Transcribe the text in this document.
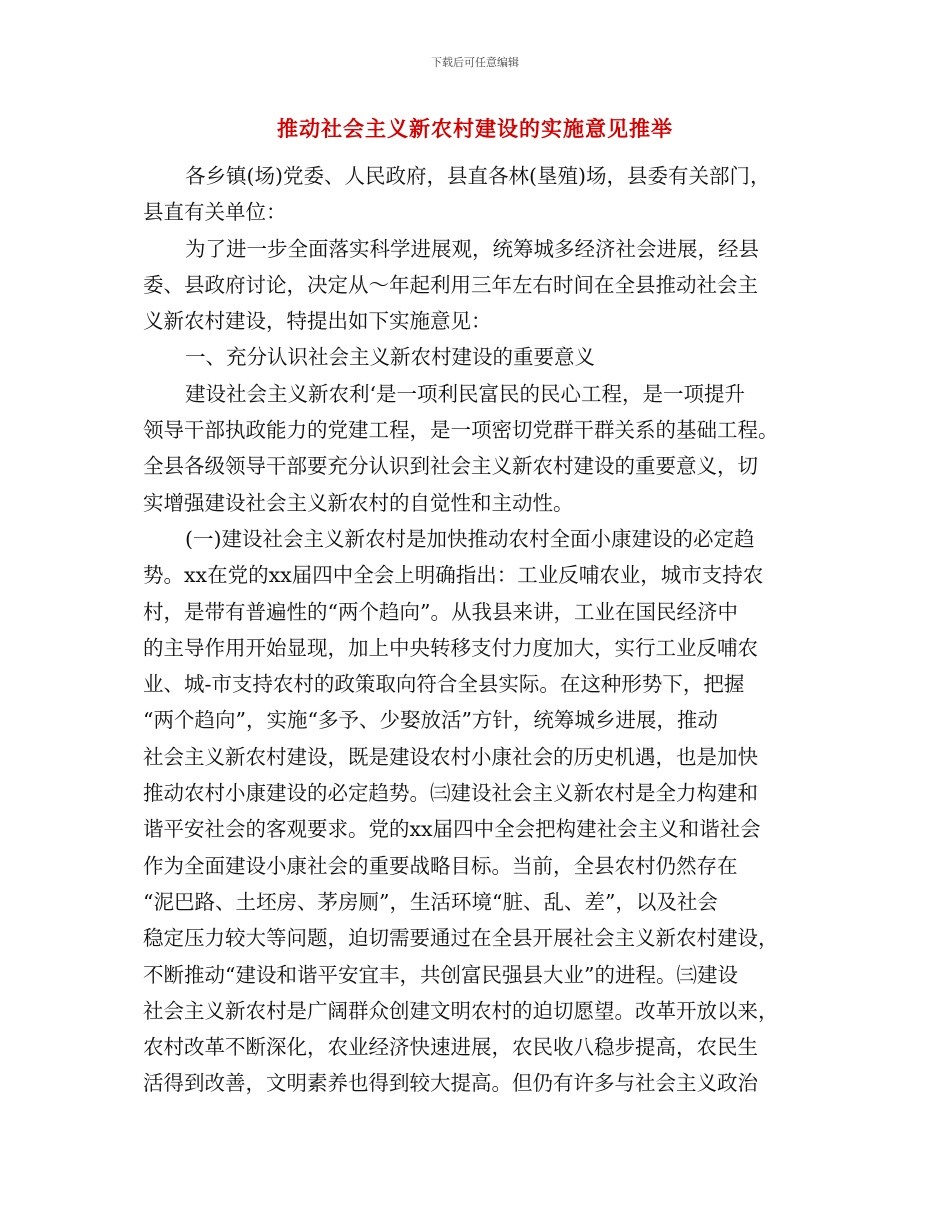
下载后可任意编辑
推动社会主义新农村建设的实施意见推举
各乡镇(场)党委、人民政府，县直各林(垦殖)场，县委有关部门，
县直有关单位：
为了进一步全面落实科学进展观，统筹城多经济社会进展，经县
委、县政府讨论，决定从～年起利用三年左右时间在全县推动社会主
义新农村建设，特提出如下实施意见：
一、充分认识社会主义新农村建设的重要意义
建设社会主义新农利‘是一项利民富民的民心工程，是一项提升
领导干部执政能力的党建工程，是一项密切党群干群关系的基础工程。
全县各级领导干部要充分认识到社会主义新农村建设的重要意义，切
实增强建设社会主义新农村的自觉性和主动性。
(一)建设社会主义新农村是加快推动农村全面小康建设的必定趋
势。xx在党的xx届四中全会上明确指出：工业反哺农业，城市支持农
村，是带有普遍性的“两个趋向”。从我县来讲，工业在国民经济中
的主导作用开始显现，加上中央转移支付力度加大，实行工业反哺农
业、城-市支持农村的政策取向符合全县实际。在这种形势下，把握
“两个趋向”，实施“多予、少娶放活”方针，统筹城乡进展，推动
社会主义新农村建设，既是建设农村小康社会的历史机遇，也是加快
推动农村小康建设的必定趋势。㈢建设社会主义新农村是全力构建和
谐平安社会的客观要求。党的xx届四中全会把构建社会主义和谐社会
作为全面建设小康社会的重要战略目标。当前，全县农村仍然存在
“泥巴路、土坯房、茅房厕”，生活环境“脏、乱、差”，以及社会
稳定压力较大等问题，迫切需要通过在全县开展社会主义新农村建设，
不断推动“建设和谐平安宜丰，共创富民强县大业”的进程。㈢建设
社会主义新农村是广阔群众创建文明农村的迫切愿望。改革开放以来，
农村改革不断深化，农业经济快速进展，农民收八稳步提高，农民生
活得到改善，文明素养也得到较大提高。但仍有许多与社会主义政治
